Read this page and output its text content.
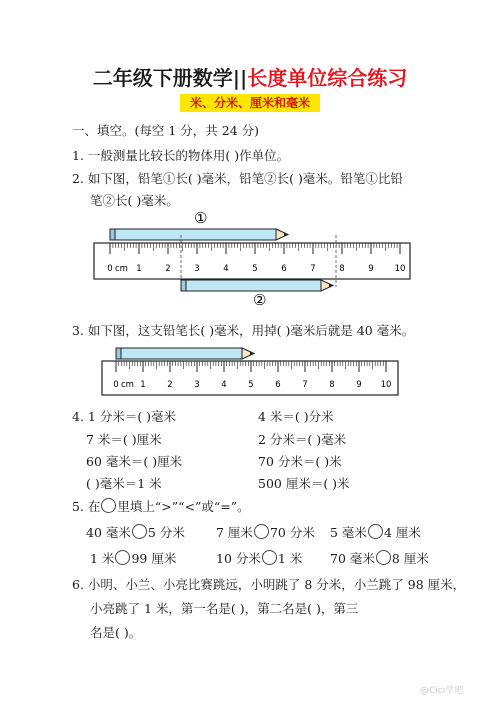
二年级下册数学||长度单位综合练习
米、分米、厘米和毫米
一、填空。(每空 1 分，共 24 分)
1. 一般测量比较长的物体用( )作单位。
2. 如下图，铅笔①长( )毫米，铅笔②长( )毫米。铅笔①比铅
笔②长( )毫米。
①
0 cm 1	2	3	4	5	6	7	8	9 10
②
3. 如下图，这支铅笔长( )毫米，用掉( )毫米后就是 40 毫米。
0 cm 1	2	3	4	5	6	7	8	9 10
4. 1 分米＝( )毫米	4 米＝( )分米
7 米＝( )厘米	2 分米＝( )毫米
60 毫米＝( )厘米	70 分米＝( )米
( )毫米＝1 米	500 厘米＝( )米
5. 在 里填上“>”“<”或“=”。
40 毫米 5 分米 7 厘米 70 分米 5 毫米 4 厘米
1 米 99 厘米	10 分米 1 米 70 毫米 8 厘米
6. 小明、小兰、小亮比赛跳远，小明跳了 8 分米，小兰跳了 98 厘米，
小亮跳了 1 米，第一名是( )，第二名是( )，第三
名是( )。
@Cici学吧
